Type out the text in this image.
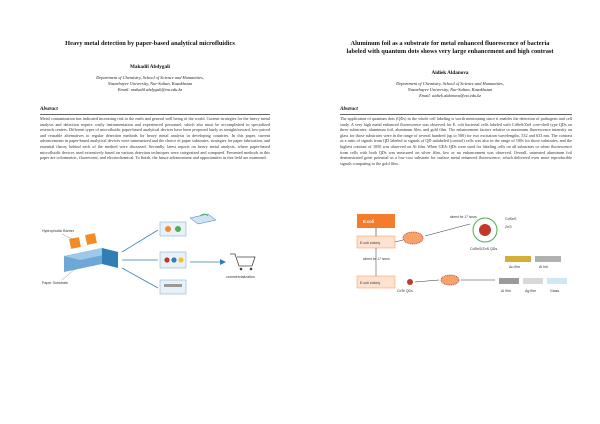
Heavy metal detection by paper-based analytical microfluidics
Makadil Abdygali
Department of Chemistry, School of Science and Humanities,
Nazarbayev University, Nur-Sultan, Kazakhstan
Email: makadil.abdygali@nu.edu.kz
Abstract
Metal contamination has indicated increasing risk to the earth and general well being of the world. Current strategies for the heavy metal analysis and detection require costly instrumentation and experienced personnel, which also must be accomplished in specialized research centres. Different types of microfluidic paper-based analytical devices have been proposed lately as straightforward, low-priced and reusable alternatives to regular detection methods for heavy metal analysis in developing countries. In this paper, current advancements in paper-based analytical devices were summarized and the choice of paper substrates, strategies for paper fabrication, and essential theory behind each of the method were discussed. Secondly, latest reports on heavy metal analysis, where paper-based microfluidic devices used extensively based on various detection techniques were categorized and compared. Presented methods in this paper are colorimetric, fluorescent, and electrochemical. To finish, the future advancement and opportunities in this field are examined.
Hydrophobic Barrier
Paper Substrate
commercialization
Aluminum foil as a substrate for metal enhanced fluorescence of bacteria
labeled with quantum dots shows very large enhancement and high contrast
Aidiek Aldanova
Department of Chemistry, School of Science and Humanities,
Nazarbayev University, Nur-Sultan, Kazakhstan
Email: aidiek.aldanova@nu.edu.kz
Abstract
The application of quantum dots (QDs) in the whole cell labeling is worth mentioning since it enables the detection of pathogens and cell study. A very high metal enhanced fluorescence was observed for E. coli bacterial cells labeled with CdSeS/ZnS core-shell type QDs on three substrates: aluminum foil, aluminum film, and gold film. The enhancement factors relative to maximum fluorescence intensity on glass for those substrates were in the range of several hundred (up to 500) for two excitation wavelengths, 532 and 633 nm. The contrast as a ratio of signals from QD labeled to signals of QD unlabeled (control) cells was also in the range of 100s for those substrates, and the highest contrast of 1050 was observed on Al film. When GE/b QDs were used for labeling cells on all substrates or when fluorescence from cells with both QDs was measured on silver film, low or no enhancement was observed. Overall, untreated aluminum foil demonstrated great potential as a low-cost substrate for surface metal enhanced fluorescence, which delivered even more reproducible signals comparing to the gold film.
E.coli
E.coli colony
stirred for 17 hours	CdSeS
ZnS
CdSeS/ZnS QDs
Au film	Al foil
stirred for 17 hours
E.coli colony
CdTe QDs	Al film	Ag film	Glass
